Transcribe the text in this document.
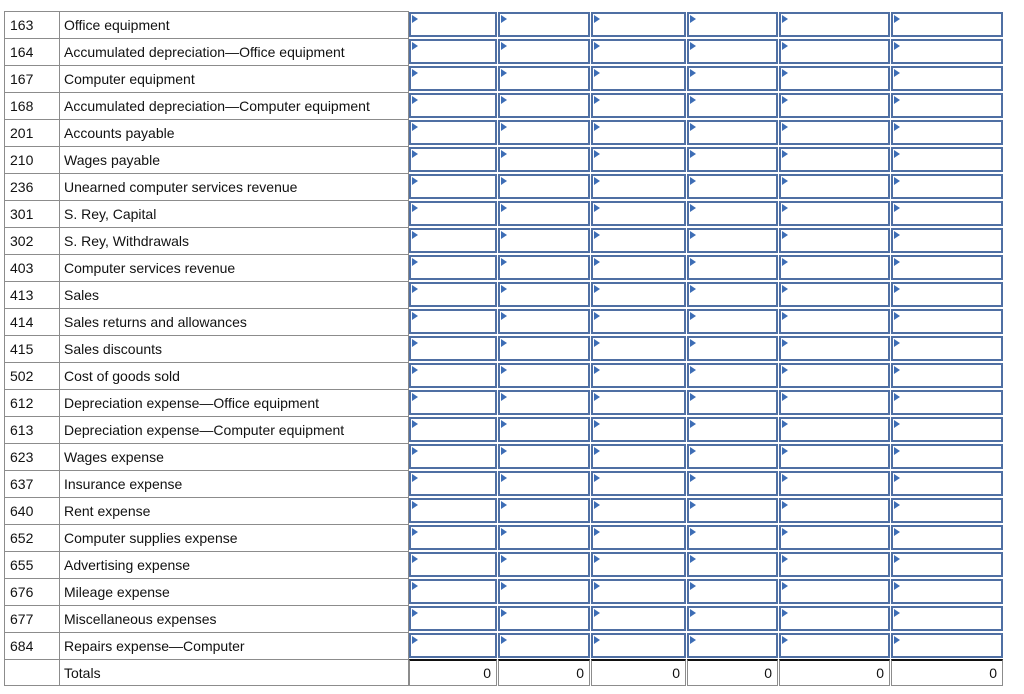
163	Office equipment
164	Accumulated depreciation—Office equipment
167	Computer equipment
168	Accumulated depreciation—Computer equipment
201	Accounts payable
210	Wages payable
236	Unearned computer services revenue
301	S. Rey, Capital
302	S. Rey, Withdrawals
403	Computer services revenue
413	Sales
414	Sales returns and allowances
415	Sales discounts
502	Cost of goods sold
612	Depreciation expense—Office equipment
613	Depreciation expense—Computer equipment
623	Wages expense
637	Insurance expense
640	Rent expense
652	Computer supplies expense
655	Advertising expense
676	Mileage expense
677	Miscellaneous expenses
684	Repairs expense—Computer
Totals	0	0	0	0	0	0
